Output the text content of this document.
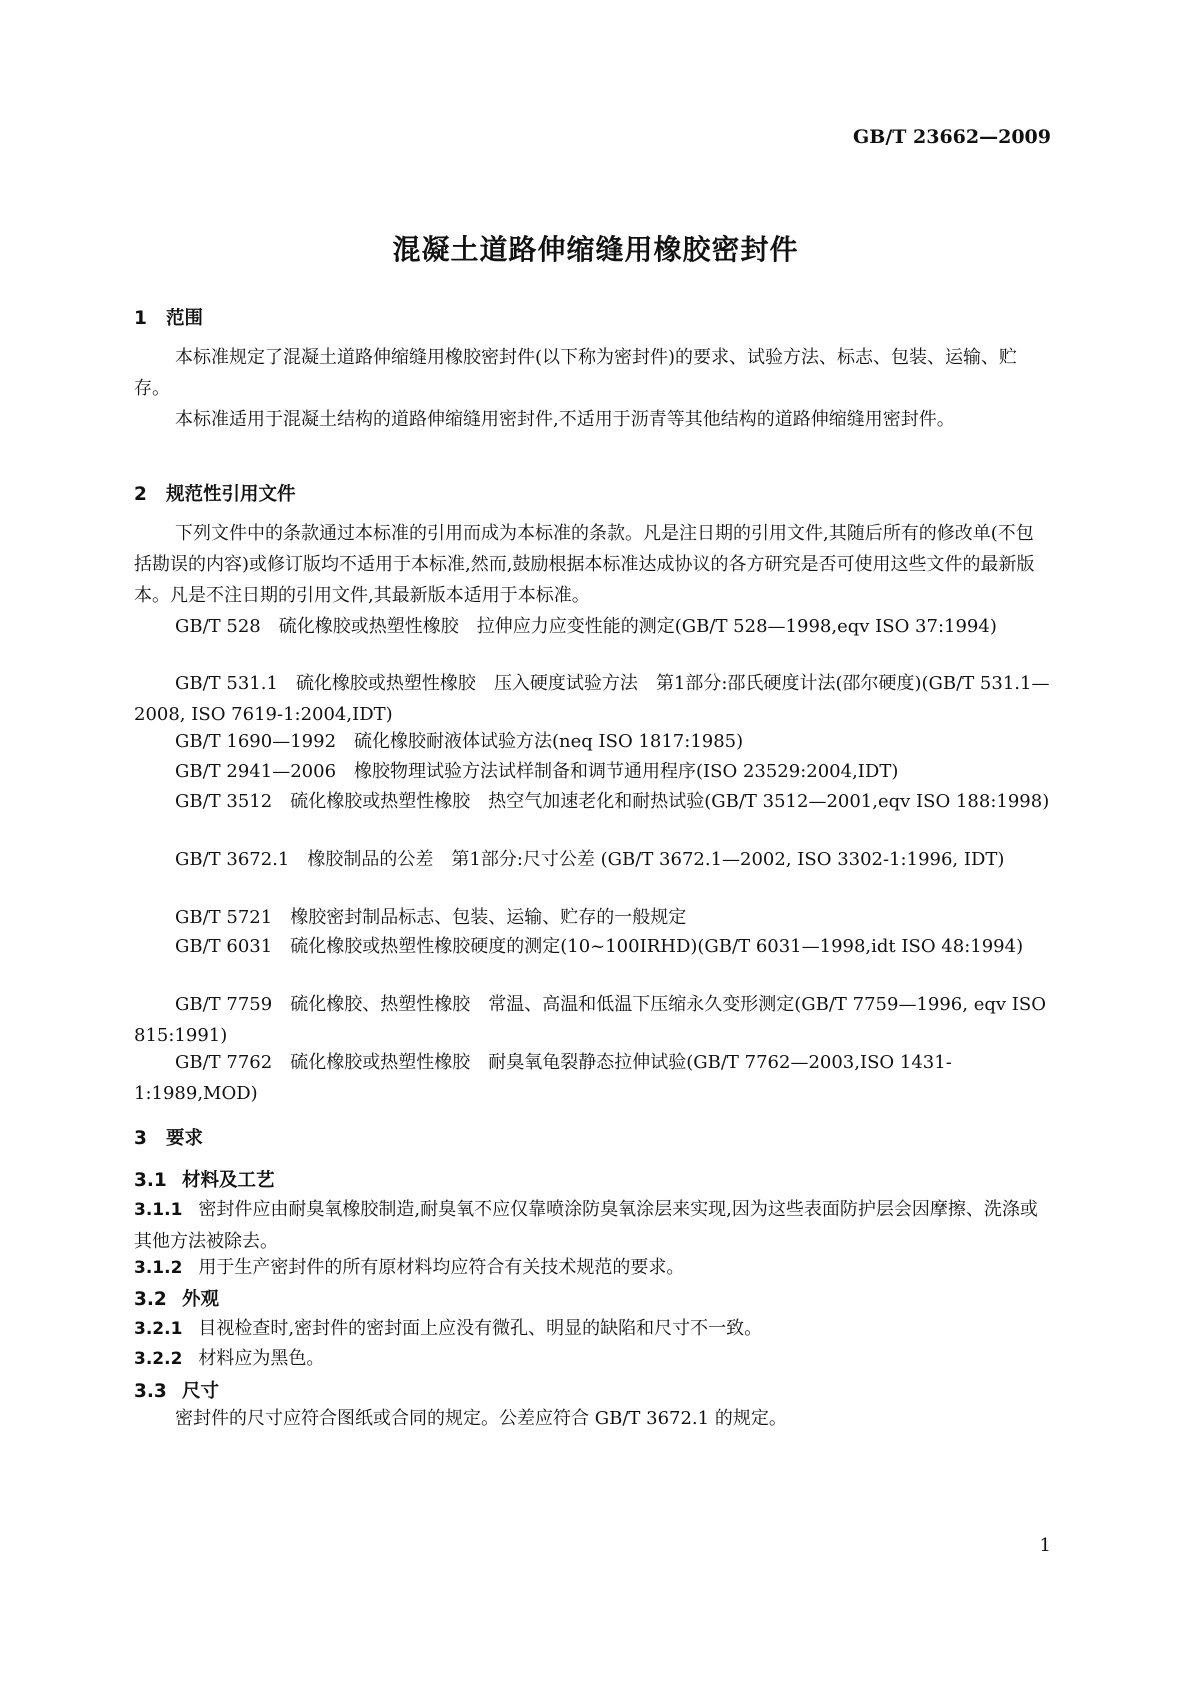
GB/T 23662—2009
混凝土道路伸缩缝用橡胶密封件
1 范围

本标准规定了混凝土道路伸缩缝用橡胶密封件(以下称为密封件)的要求、试验方法、标志、包装、运输、贮存。

本标准适用于混凝土结构的道路伸缩缝用密封件,不适用于沥青等其他结构的道路伸缩缝用密封件。

2 规范性引用文件

下列文件中的条款通过本标准的引用而成为本标准的条款。凡是注日期的引用文件,其随后所有的修改单(不包括勘误的内容)或修订版均不适用于本标准,然而,鼓励根据本标准达成协议的各方研究是否可使用这些文件的最新版本。凡是不注日期的引用文件,其最新版本适用于本标准。

GB/T 528 硫化橡胶或热塑性橡胶 拉伸应力应变性能的测定(GB/T 528—1998,eqv ISO 37:1994)
GB/T 531.1 硫化橡胶或热塑性橡胶 压入硬度试验方法 第1部分:邵氏硬度计法(邵尔硬度)(GB/T 531.1—2008, ISO 7619-1:2004,IDT)
GB/T 1690—1992 硫化橡胶耐液体试验方法(neq ISO 1817:1985)
GB/T 2941—2006 橡胶物理试验方法试样制备和调节通用程序(ISO 23529:2004,IDT)
GB/T 3512 硫化橡胶或热塑性橡胶 热空气加速老化和耐热试验(GB/T 3512—2001,eqv ISO 188:1998)
GB/T 3672.1 橡胶制品的公差 第1部分:尺寸公差 (GB/T 3672.1—2002, ISO 3302-1:1996, IDT)
GB/T 5721 橡胶密封制品标志、包装、运输、贮存的一般规定
GB/T 6031 硫化橡胶或热塑性橡胶硬度的测定(10~100IRHD)(GB/T 6031—1998,idt ISO 48:1994)
GB/T 7759 硫化橡胶、热塑性橡胶 常温、高温和低温下压缩永久变形测定(GB/T 7759—1996, eqv ISO 815:1991)
GB/T 7762 硫化橡胶或热塑性橡胶 耐臭氧龟裂静态拉伸试验(GB/T 7762—2003,ISO 1431-1:1989,MOD)
3 要求
3.1 材料及工艺
3.1.1 密封件应由耐臭氧橡胶制造,耐臭氧不应仅靠喷涂防臭氧涂层来实现,因为这些表面防护层会因摩擦、洗涤或其他方法被除去。
3.1.2 用于生产密封件的所有原材料均应符合有关技术规范的要求。
3.2 外观
3.2.1 目视检查时,密封件的密封面上应没有微孔、明显的缺陷和尺寸不一致。
3.2.2 材料应为黑色。
3.3 尺寸

密封件的尺寸应符合图纸或合同的规定。公差应符合 GB/T 3672.1 的规定。

1
